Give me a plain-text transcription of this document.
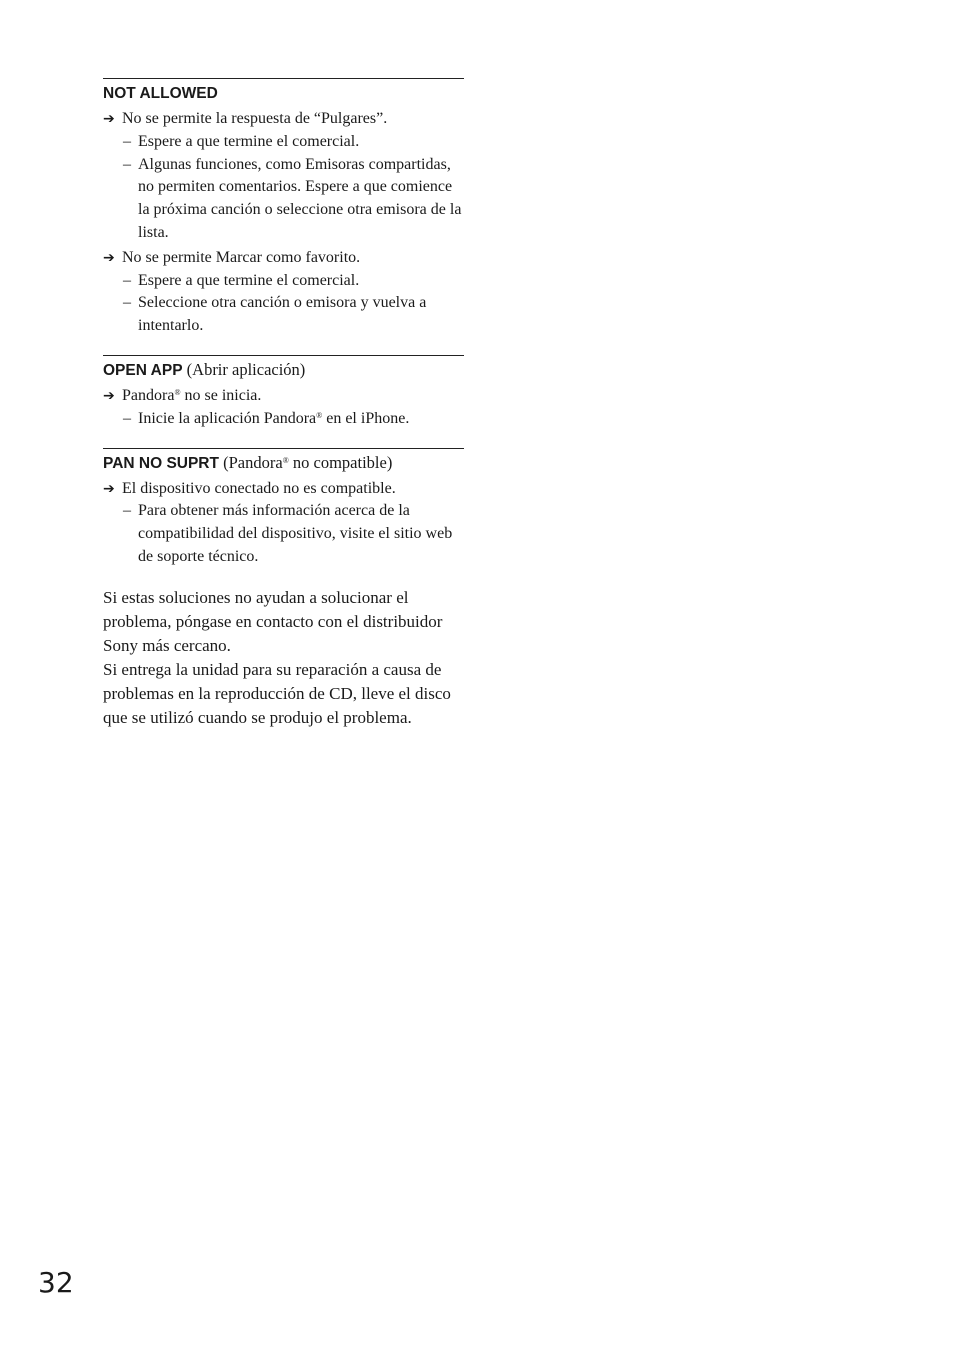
NOT ALLOWED
➔ No se permite la respuesta de “Pulgares”.
– Espere a que termine el comercial.
– Algunas funciones, como Emisoras compartidas, no permiten comentarios. Espere a que comience la próxima canción o seleccione otra emisora de la lista.
➔ No se permite Marcar como favorito.
– Espere a que termine el comercial.
– Seleccione otra canción o emisora y vuelva a intentarlo.
OPEN APP (Abrir aplicación)
➔ Pandora® no se inicia.
– Inicie la aplicación Pandora® en el iPhone.
PAN NO SUPRT (Pandora® no compatible)
➔ El dispositivo conectado no es compatible.
– Para obtener más información acerca de la compatibilidad del dispositivo, visite el sitio web de soporte técnico.

Si estas soluciones no ayudan a solucionar el problema, póngase en contacto con el distribuidor Sony más cercano.

Si entrega la unidad para su reparación a causa de problemas en la reproducción de CD, lleve el disco que se utilizó cuando se produjo el problema.

32
